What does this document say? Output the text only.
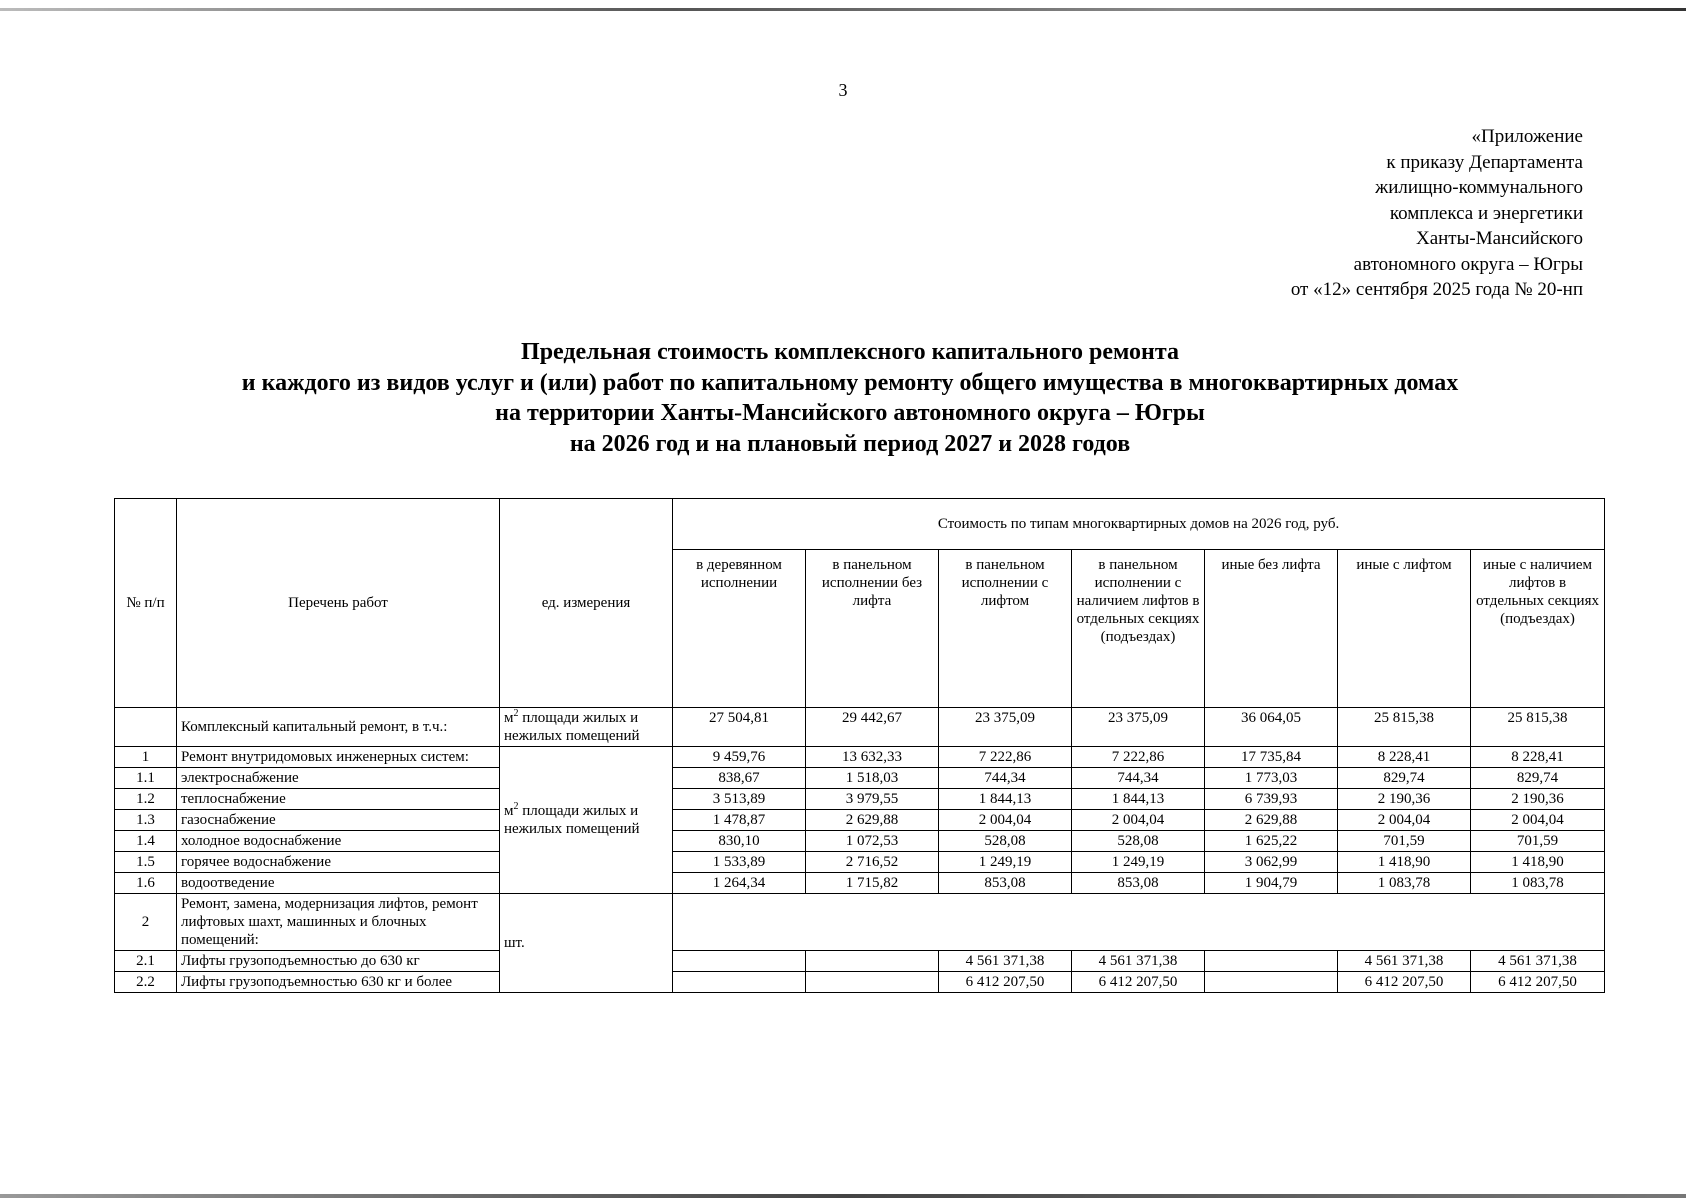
3
«Приложение
к приказу Департамента
жилищно-коммунального
комплекса и энергетики
Ханты-Мансийского
автономного округа – Югры
от «12» сентября 2025 года № 20-нп
Предельная стоимость комплексного капитального ремонта
и каждого из видов услуг и (или) работ по капитальному ремонту общего имущества в многоквартирных домах
на территории Ханты-Мансийского автономного округа – Югры
на 2026 год и на плановый период 2027 и 2028 годов
№ п/п	Перечень работ	ед. измерения	Стоимость по типам многоквартирных домов на 2026 год, руб.						
			в деревянном исполнении	в панельном исполнении без лифта	в панельном исполнении с лифтом	в панельном исполнении с наличием лифтов в отдельных секциях (подъездах)	иные без лифта	иные с лифтом	иные с наличием лифтов в отдельных секциях (подъездах)
	Комплексный капитальный ремонт, в т.ч.:	$м^2$ площади жилых и нежилых помещений	27 504,81	29 442,67	23 375,09	23 375,09	36 064,05	25 815,38	25 815,38
1	Ремонт внутридомовых инженерных систем:	$м^2$ площади жилых и нежилых помещений	9 459,76	13 632,33	7 222,86	7 222,86	17 735,84	8 228,41	8 228,41
1.1	электроснабжение		838,67	1 518,03	744,34	744,34	1 773,03	829,74	829,74
1.2	теплоснабжение		3 513,89	3 979,55	1 844,13	1 844,13	6 739,93	2 190,36	2 190,36
1.3	газоснабжение		1 478,87	2 629,88	2 004,04	2 004,04	2 629,88	2 004,04	2 004,04
1.4	холодное водоснабжение		830,10	1 072,53	528,08	528,08	1 625,22	701,59	701,59
1.5	горячее водоснабжение		1 533,89	2 716,52	1 249,19	1 249,19	3 062,99	1 418,90	1 418,90
1.6	водоотведение		1 264,34	1 715,82	853,08	853,08	1 904,79	1 083,78	1 083,78
2	Ремонт, замена, модернизация лифтов, ремонт лифтовых шахт, машинных и блочных помещений:	шт.							
2.1	Лифты грузоподъемностью до 630 кг				4 561 371,38	4 561 371,38		4 561 371,38	4 561 371,38
2.2	Лифты грузоподъемностью 630 кг и более				6 412 207,50	6 412 207,50		6 412 207,50	6 412 207,50
